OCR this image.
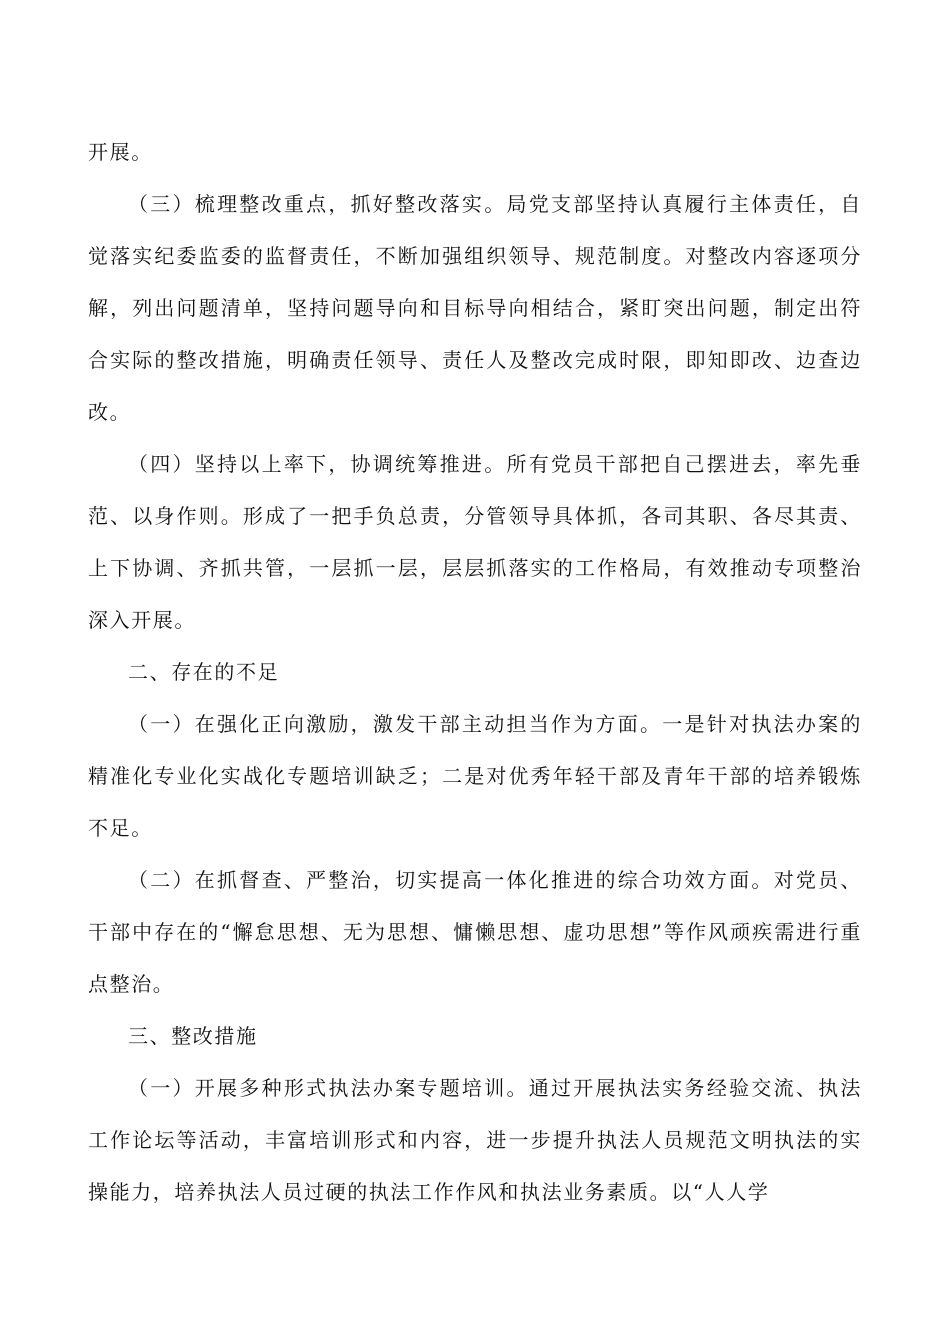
开展。

（三）梳理整改重点，抓好整改落实。局党支部坚持认真履行主体责任，自觉落实纪委监委的监督责任，不断加强组织领导、规范制度。对整改内容逐项分解，列出问题清单，坚持问题导向和目标导向相结合，紧盯突出问题，制定出符合实际的整改措施，明确责任领导、责任人及整改完成时限，即知即改、边查边改。

（四）坚持以上率下，协调统筹推进。所有党员干部把自己摆进去，率先垂范、以身作则。形成了一把手负总责，分管领导具体抓，各司其职、各尽其责、上下协调、齐抓共管，一层抓一层，层层抓落实的工作格局，有效推动专项整治深入开展。

二、存在的不足

（一）在强化正向激励，激发干部主动担当作为方面。一是针对执法办案的精准化专业化实战化专题培训缺乏；二是对优秀年轻干部及青年干部的培养锻炼不足。

（二）在抓督查、严整治，切实提高一体化推进的综合功效方面。对党员、干部中存在的“懈怠思想、无为思想、慵懒思想、虚功思想”等作风顽疾需进行重点整治。

三、整改措施

（一）开展多种形式执法办案专题培训。通过开展执法实务经验交流、执法工作论坛等活动，丰富培训形式和内容，进一步提升执法人员规范文明执法的实操能力，培养执法人员过硬的执法工作作风和执法业务素质。以“人人学
